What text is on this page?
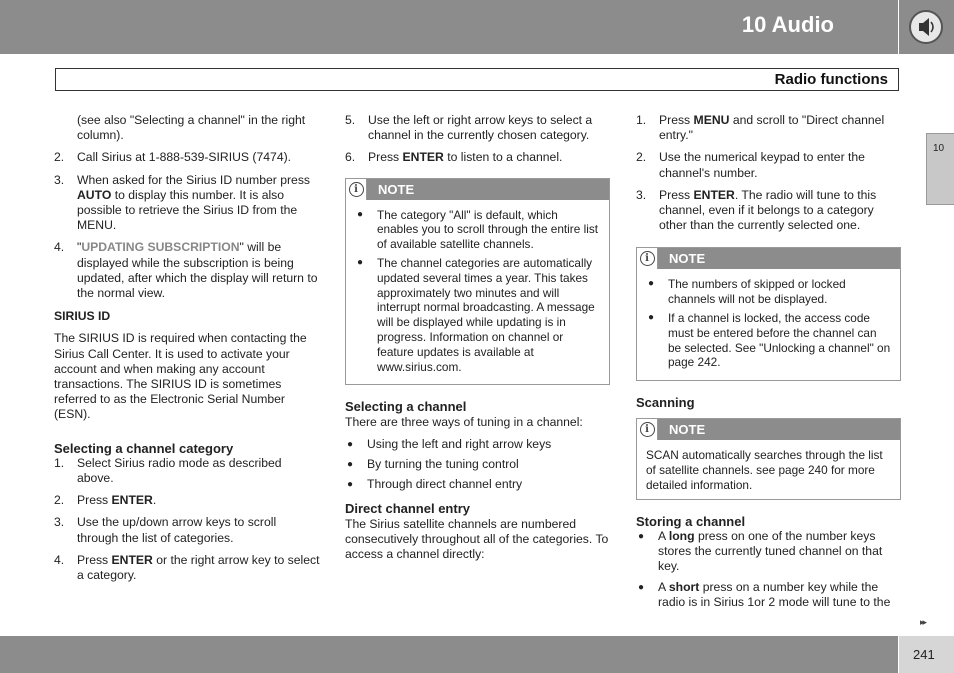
10 Audio
Radio functions
10
(see also "Selecting a channel" in the right column).
2.	Call Sirius at 1-888-539-SIRIUS (7474).
3.	When asked for the Sirius ID number press AUTO to display this number. It is also possible to retrieve the Sirius ID from the MENU.
4.	"UPDATING SUBSCRIPTION" will be displayed while the subscription is being updated, after which the display will return to the normal view.
SIRIUS ID
The SIRIUS ID is required when contacting the Sirius Call Center. It is used to activate your account and when making any account transactions. The SIRIUS ID is sometimes referred to as the Electronic Serial Number (ESN).
Selecting a channel category
1.	Select Sirius radio mode as described above.
2.	Press ENTER.
3.	Use the up/down arrow keys to scroll through the list of categories.
4.	Press ENTER or the right arrow key to select a category.
5.	Use the left or right arrow keys to select a channel in the currently chosen category.
6.	Press ENTER to listen to a channel.
i	NOTE
●	The category "All" is default, which enables you to scroll through the entire list of available satellite channels.
●	The channel categories are automatically updated several times a year. This takes approximately two minutes and will interrupt normal broadcasting. A message will be displayed while updating is in progress. Information on channel or feature updates is available at www.sirius.com.
Selecting a channel
There are three ways of tuning in a channel:
●	Using the left and right arrow keys
●	By turning the tuning control
●	Through direct channel entry
Direct channel entry
The Sirius satellite channels are numbered consecutively throughout all of the categories. To access a channel directly:
1.	Press MENU and scroll to "Direct channel entry."
2.	Use the numerical keypad to enter the channel's number.
3.	Press ENTER. The radio will tune to this channel, even if it belongs to a category other than the currently selected one.
i	NOTE
●	The numbers of skipped or locked channels will not be displayed.
●	If a channel is locked, the access code must be entered before the channel can be selected. See "Unlocking a channel" on page 242.
Scanning
i	NOTE
SCAN automatically searches through the list of satellite channels. see page 240 for more detailed information.
Storing a channel
●	A long press on one of the number keys stores the currently tuned channel on that key.
●	A short press on a number key while the radio is in Sirius 1or 2 mode will tune to the
▸▸
241
